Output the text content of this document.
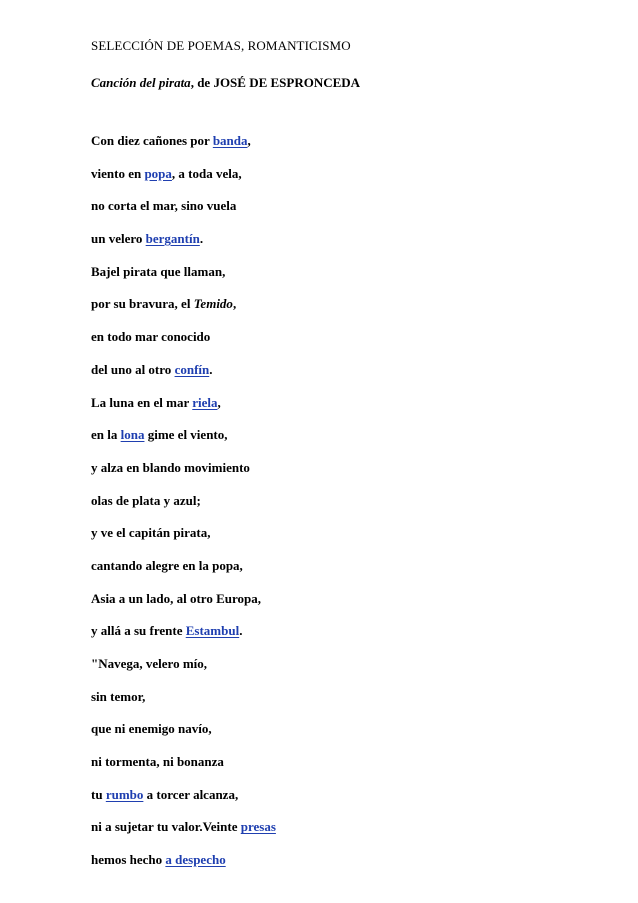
SELECCIÓN DE POEMAS, ROMANTICISMO
Canción del pirata, de JOSÉ DE ESPRONCEDA
Con diez cañones por banda,
viento en popa, a toda vela,
no corta el mar, sino vuela
un velero bergantín.
Bajel pirata que llaman,
por su bravura, el Temido,
en todo mar conocido
del uno al otro confín.
La luna en el mar riela,
en la lona gime el viento,
y alza en blando movimiento
olas de plata y azul;
y ve el capitán pirata,
cantando alegre en la popa,
Asia a un lado, al otro Europa,
y allá a su frente Estambul.
"Navega, velero mío,
sin temor,
que ni enemigo navío,
ni tormenta, ni bonanza
tu rumbo a torcer alcanza,
ni a sujetar tu valor.Veinte presas
hemos hecho a despecho
